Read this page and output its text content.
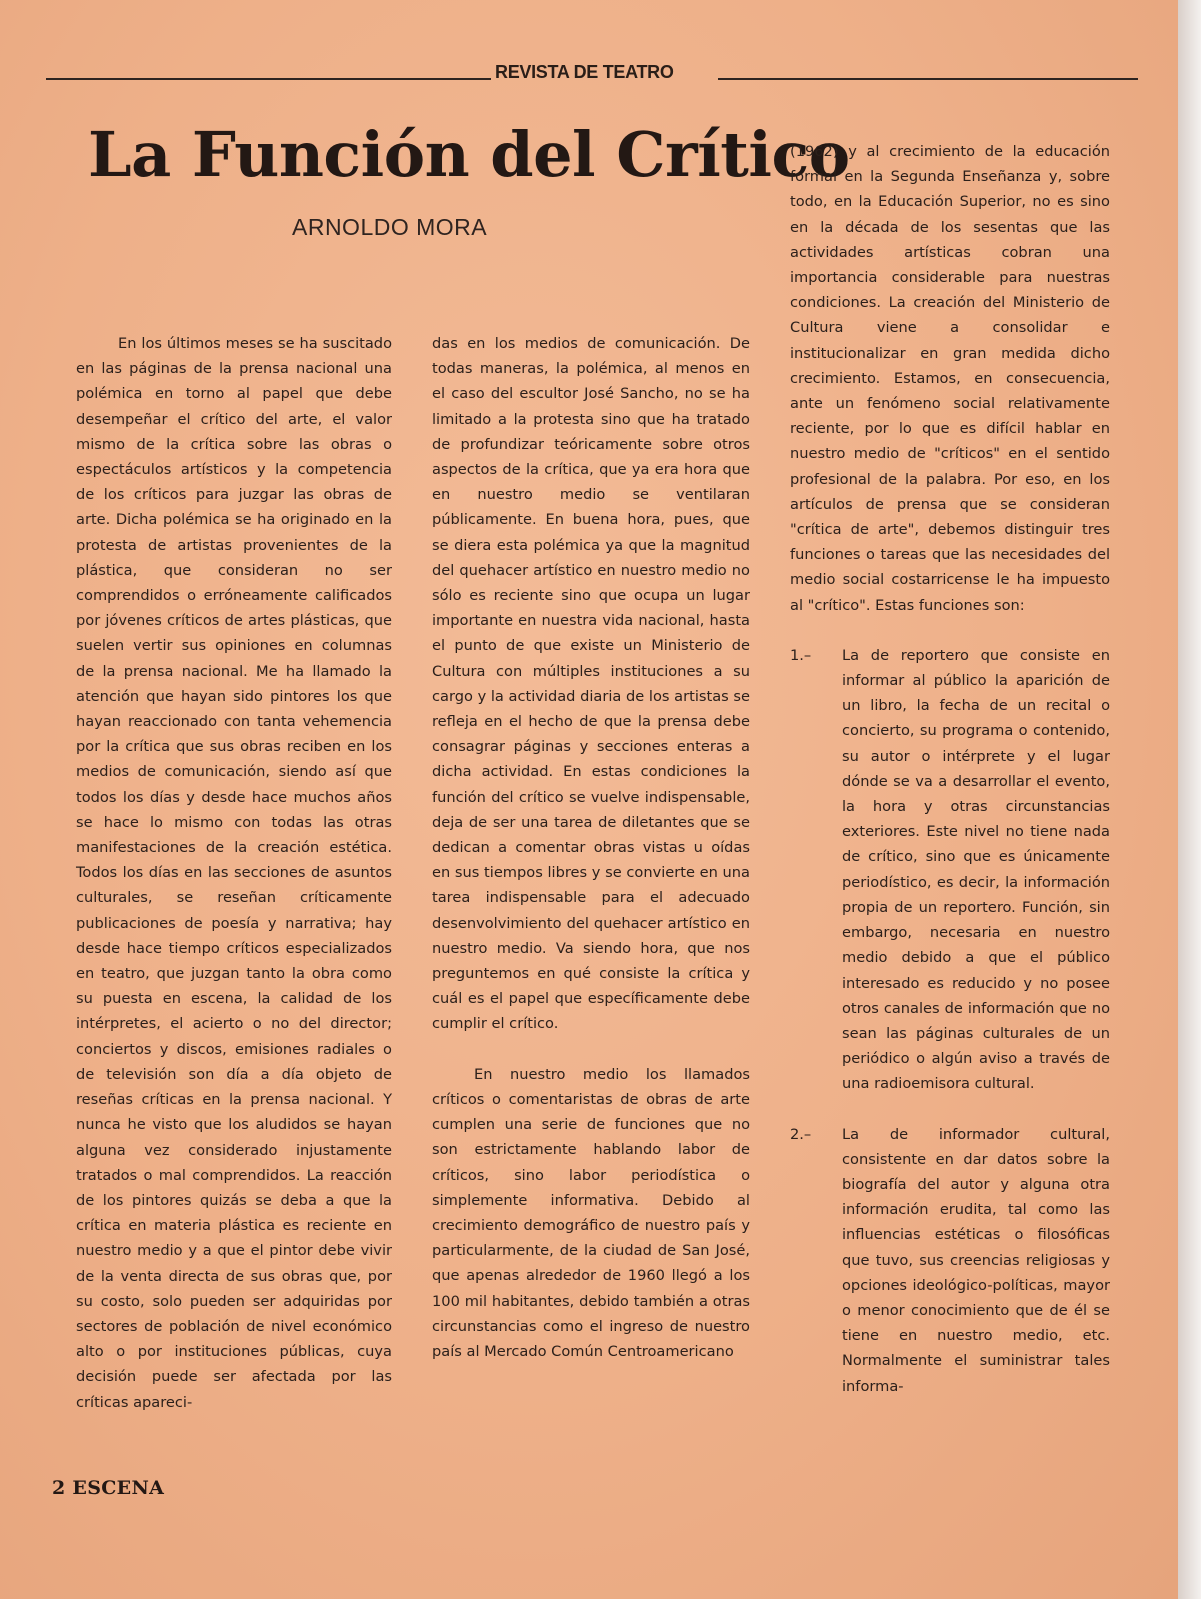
REVISTA DE TEATRO
La Función del Crítico
ARNOLDO MORA

En los últimos meses se ha suscitado en las páginas de la prensa nacional una polémica en torno al papel que debe desempeñar el crítico del arte, el valor mismo de la crítica sobre las obras o espectáculos artísticos y la competencia de los críticos para juzgar las obras de arte. Dicha polémica se ha originado en la protesta de artistas provenientes de la plástica, que consideran no ser comprendidos o erróneamente calificados por jóvenes críticos de artes plásticas, que suelen vertir sus opiniones en columnas de la prensa nacional. Me ha llamado la atención que hayan sido pintores los que hayan reaccionado con tanta vehemencia por la crítica que sus obras reciben en los medios de comunicación, siendo así que todos los días y desde hace muchos años se hace lo mismo con todas las otras manifestaciones de la creación estética. Todos los días en las secciones de asuntos culturales, se reseñan críticamente publicaciones de poesía y narrativa; hay desde hace tiempo críticos especializados en teatro, que juzgan tanto la obra como su puesta en escena, la calidad de los intérpretes, el acierto o no del director; conciertos y discos, emisiones radiales o de televisión son día a día objeto de reseñas críticas en la prensa nacional. Y nunca he visto que los aludidos se hayan alguna vez considerado injustamente tratados o mal comprendidos. La reacción de los pintores quizás se deba a que la crítica en materia plástica es reciente en nuestro medio y a que el pintor debe vivir de la venta directa de sus obras que, por su costo, solo pueden ser adquiridas por sectores de población de nivel económico alto o por instituciones públicas, cuya decisión puede ser afectada por las críticas apareci-

das en los medios de comunicación. De todas maneras, la polémica, al menos en el caso del escultor José Sancho, no se ha limitado a la protesta sino que ha tratado de profundizar teóricamente sobre otros aspectos de la crítica, que ya era hora que en nuestro medio se ventilaran públicamente. En buena hora, pues, que se diera esta polémica ya que la magnitud del quehacer artístico en nuestro medio no sólo es reciente sino que ocupa un lugar importante en nuestra vida nacional, hasta el punto de que existe un Ministerio de Cultura con múltiples instituciones a su cargo y la actividad diaria de los artistas se refleja en el hecho de que la prensa debe consagrar páginas y secciones enteras a dicha actividad. En estas condiciones la función del crítico se vuelve indispensable, deja de ser una tarea de diletantes que se dedican a comentar obras vistas u oídas en sus tiempos libres y se convierte en una tarea indispensable para el adecuado desenvolvimiento del quehacer artístico en nuestro medio. Va siendo hora, que nos preguntemos en qué consiste la crítica y cuál es el papel que específicamente debe cumplir el crítico.

En nuestro medio los llamados críticos o comentaristas de obras de arte cumplen una serie de funciones que no son estrictamente hablando labor de críticos, sino labor periodística o simplemente informativa. Debido al crecimiento demográfico de nuestro país y particularmente, de la ciudad de San José, que apenas alrededor de 1960 llegó a los 100 mil habitantes, debido también a otras circunstancias como el ingreso de nuestro país al Mercado Común Centroamericano

(1962) y al crecimiento de la educación formal en la Segunda Enseñanza y, sobre todo, en la Educación Superior, no es sino en la década de los sesentas que las actividades artísticas cobran una importancia considerable para nuestras condiciones. La creación del Ministerio de Cultura viene a consolidar e institucionalizar en gran medida dicho crecimiento. Estamos, en consecuencia, ante un fenómeno social relativamente reciente, por lo que es difícil hablar en nuestro medio de "críticos" en el sentido profesional de la palabra. Por eso, en los artículos de prensa que se consideran "crítica de arte", debemos distinguir tres funciones o tareas que las necesidades del medio social costarricense le ha impuesto al "crítico". Estas funciones son:

1.– La de reportero que consiste en informar al público la aparición de un libro, la fecha de un recital o concierto, su programa o contenido, su autor o intérprete y el lugar dónde se va a desarrollar el evento, la hora y otras circunstancias exteriores. Este nivel no tiene nada de crítico, sino que es únicamente periodístico, es decir, la información propia de un reportero. Función, sin embargo, necesaria en nuestro medio debido a que el público interesado es reducido y no posee otros canales de información que no sean las páginas culturales de un periódico o algún aviso a través de una radioemisora cultural.
2.– La de informador cultural, consistente en dar datos sobre la biografía del autor y alguna otra información erudita, tal como las influencias estéticas o filosóficas que tuvo, sus creencias religiosas y opciones ideológico-políticas, mayor o menor conocimiento que de él se tiene en nuestro medio, etc. Normalmente el suministrar tales informa-
2 ESCENA
